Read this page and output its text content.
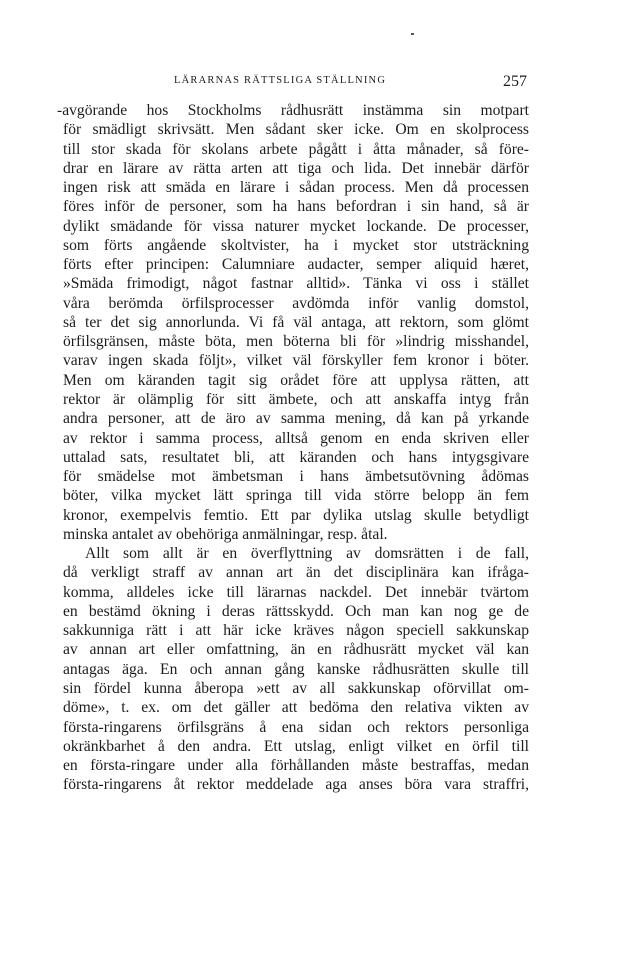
LÄRARNAS RÄTTSLIGA STÄLLNING	257
-avgörande hos Stockholms rådhusrätt instämma sin motpart
för smädligt skrivsätt. Men sådant sker icke. Om en skolprocess
till stor skada för skolans arbete pågått i åtta månader, så före-
drar en lärare av rätta arten att tiga och lida. Det innebär därför
ingen risk att smäda en lärare i sådan process. Men då processen
föres inför de personer, som ha hans befordran i sin hand, så är
dylikt smädande för vissa naturer mycket lockande. De processer,
som förts angående skoltvister, ha i mycket stor utsträckning
förts efter principen: Calumniare audacter, semper aliquid hæret,
»Smäda frimodigt, något fastnar alltid». Tänka vi oss i stället
våra berömda örfilsprocesser avdömda inför vanlig domstol,
så ter det sig annorlunda. Vi få väl antaga, att rektorn, som glömt
örfilsgränsen, måste böta, men böterna bli för »lindrig misshandel,
varav ingen skada följt», vilket väl förskyller fem kronor i böter.
Men om käranden tagit sig orådet före att upplysa rätten, att
rektor är olämplig för sitt ämbete, och att anskaffa intyg från
andra personer, att de äro av samma mening, då kan på yrkande
av rektor i samma process, alltså genom en enda skriven eller
uttalad sats, resultatet bli, att käranden och hans intygsgivare
för smädelse mot ämbetsman i hans ämbetsutövning ådömas
böter, vilka mycket lätt springa till vida större belopp än fem
kronor, exempelvis femtio. Ett par dylika utslag skulle betydligt
minska antalet av obehöriga anmälningar, resp. åtal.
Allt som allt är en överflyttning av domsrätten i de fall,
då verkligt straff av annan art än det disciplinära kan ifråga-
komma, alldeles icke till lärarnas nackdel. Det innebär tvärtom
en bestämd ökning i deras rättsskydd. Och man kan nog ge de
sakkunniga rätt i att här icke kräves någon speciell sakkunskap
av annan art eller omfattning, än en rådhusrätt mycket väl kan
antagas äga. En och annan gång kanske rådhusrätten skulle till
sin fördel kunna åberopa »ett av all sakkunskap oförvillat om-
döme», t. ex. om det gäller att bedöma den relativa vikten av
första-ringarens örfilsgräns å ena sidan och rektors personliga
okränkbarhet å den andra. Ett utslag, enligt vilket en örfil till
en första-ringare under alla förhållanden måste bestraffas, medan
första-ringarens åt rektor meddelade aga anses böra vara straffri,
